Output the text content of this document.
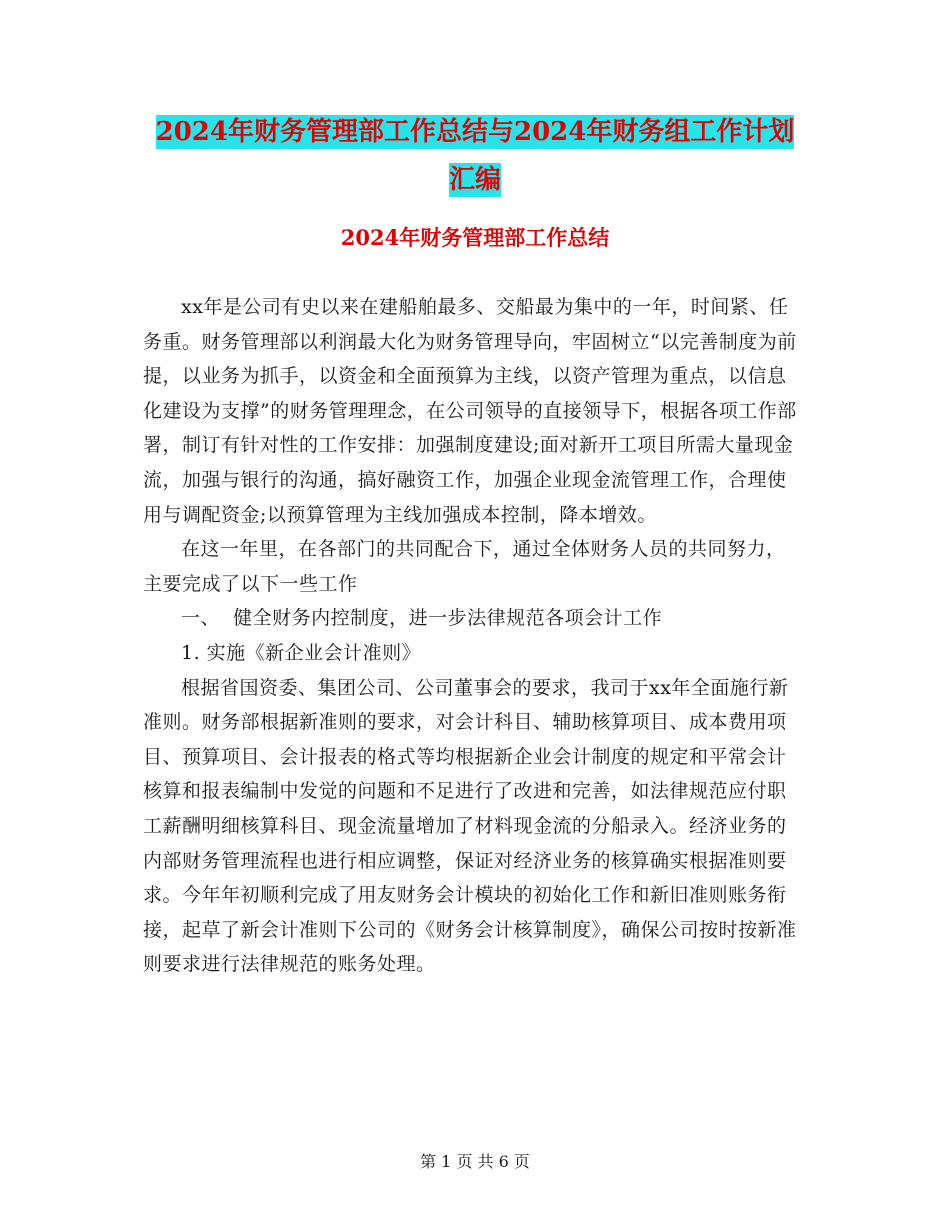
2024年财务管理部工作总结与2024年财务组工作计划
汇编
2024年财务管理部工作总结

xx年是公司有史以来在建船舶最多、交船最为集中的一年，时间紧、任务重。财务管理部以利润最大化为财务管理导向，牢固树立“以完善制度为前提，以业务为抓手，以资金和全面预算为主线，以资产管理为重点，以信息化建设为支撑”的财务管理理念，在公司领导的直接领导下，根据各项工作部署，制订有针对性的工作安排：加强制度建设;面对新开工项目所需大量现金流，加强与银行的沟通，搞好融资工作，加强企业现金流管理工作，合理使用与调配资金;以预算管理为主线加强成本控制，降本增效。

在这一年里，在各部门的共同配合下，通过全体财务人员的共同努力，主要完成了以下一些工作

一、  健全财务内控制度，进一步法律规范各项会计工作

1. 实施《新企业会计准则》

根据省国资委、集团公司、公司董事会的要求，我司于xx年全面施行新准则。财务部根据新准则的要求，对会计科目、辅助核算项目、成本费用项目、预算项目、会计报表的格式等均根据新企业会计制度的规定和平常会计核算和报表编制中发觉的问题和不足进行了改进和完善，如法律规范应付职工薪酬明细核算科目、现金流量增加了材料现金流的分船录入。经济业务的内部财务管理流程也进行相应调整，保证对经济业务的核算确实根据准则要求。今年年初顺利完成了用友财务会计模块的初始化工作和新旧准则账务衔接，起草了新会计准则下公司的《财务会计核算制度》，确保公司按时按新准则要求进行法律规范的账务处理。

第 1 页 共 6 页
